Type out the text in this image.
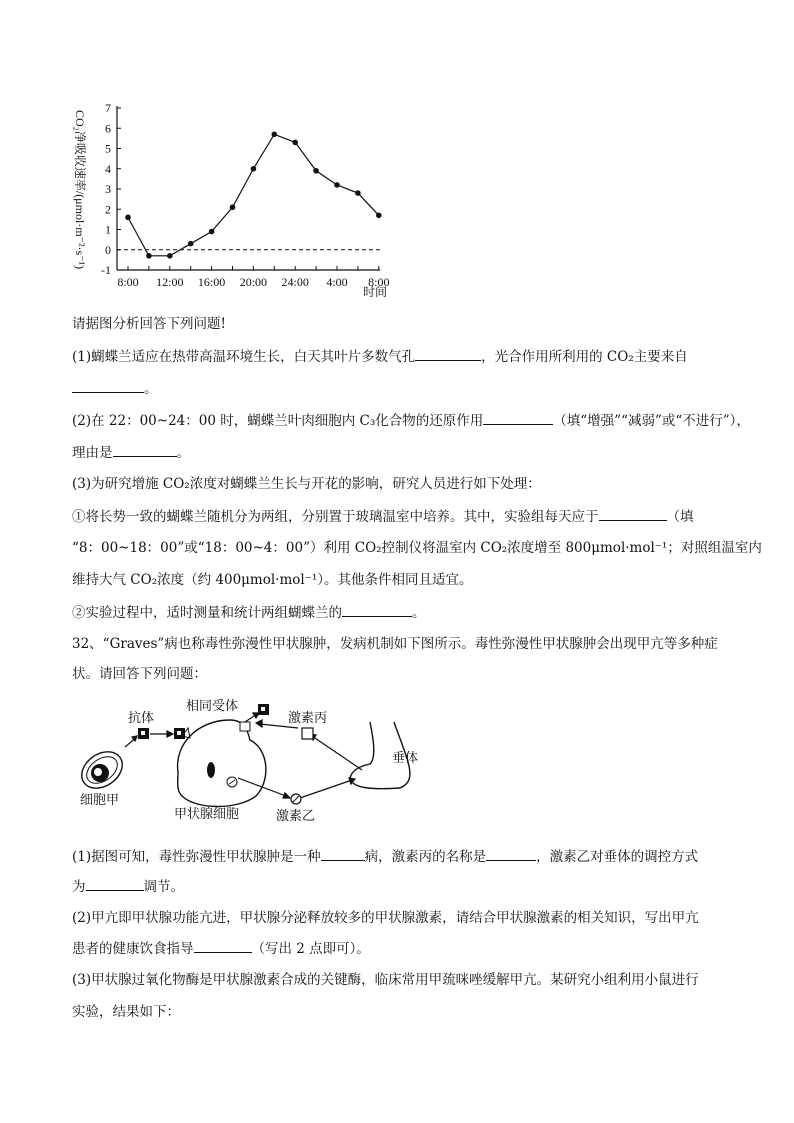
-1
0
1
2
3
4
5
6
7
8:00 12:00 16:00 20:00 24:00 4:00 8:00
CO₂净吸收速率/(μmol·m⁻²·s⁻¹)
时间
请据图分析回答下列问题!
(1)蝴蝶兰适应在热带高温环境生长，白天其叶片多数气孔	，光合作用所利用的 CO₂主要来自
。
(2)在 22：00~24：00 时，蝴蝶兰叶肉细胞内 C₃化合物的还原作用	（填“增强”“减弱”或“不进行”），
理由是	。
(3)为研究增施 CO₂浓度对蝴蝶兰生长与开花的影响，研究人员进行如下处理：
①将长势一致的蝴蝶兰随机分为两组，分别置于玻璃温室中培养。其中，实验组每天应于	（填
“8：00~18：00”或“18：00~4：00”）利用 CO₂控制仪将温室内 CO₂浓度增至 800μmol·mol⁻¹；对照组温室内
维持大气 CO₂浓度（约 400μmol·mol⁻¹）。其他条件相同且适宜。
②实验过程中，适时测量和统计两组蝴蝶兰的	。
32、“Graves”病也称毒性弥漫性甲状腺肿，发病机制如下图所示。毒性弥漫性甲状腺肿会出现甲亢等多种症
状。请回答下列问题：
抗体
相同受体
激素丙
垂体
细胞甲
甲状腺细胞	激素乙
(1)据图可知，毒性弥漫性甲状腺肿是一种	病，激素丙的名称是	，激素乙对垂体的调控方式
为	调节。
(2)甲亢即甲状腺功能亢进，甲状腺分泌释放较多的甲状腺激素，请结合甲状腺激素的相关知识，写出甲亢
患者的健康饮食指导	（写出 2 点即可）。
(3)甲状腺过氧化物酶是甲状腺激素合成的关键酶，临床常用甲巯咪唑缓解甲亢。某研究小组利用小鼠进行
实验，结果如下：
